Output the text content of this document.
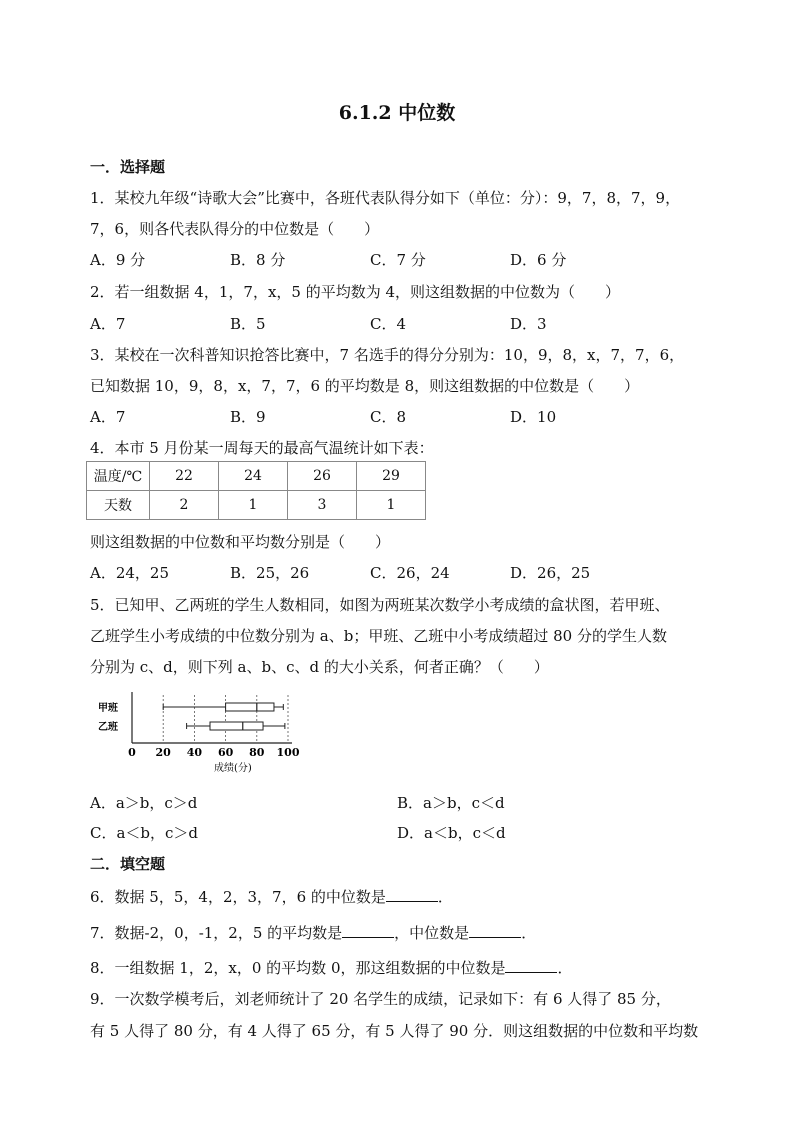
6.1.2 中位数
一．选择题
1．某校九年级“诗歌大会”比赛中，各班代表队得分如下（单位：分）：9，7，8，7，9，
7，6，则各代表队得分的中位数是（　　）
A．9 分	B．8 分	C．7 分	D．6 分
2．若一组数据 4，1，7，x，5 的平均数为 4，则这组数据的中位数为（　　）
A．7	B．5	C．4	D．3
3．某校在一次科普知识抢答比赛中，7 名选手的得分分别为：10，9，8，x，7，7，6，
已知数据 10，9，8，x，7，7，6 的平均数是 8，则这组数据的中位数是（　　）
A．7	B．9	C．8	D．10
4．本市 5 月份某一周每天的最高气温统计如下表：
温度/℃	22	24	26	29
天数	2	1	3	1
则这组数据的中位数和平均数分别是（　　）
A．24，25	B．25，26	C．26，24	D．26，25
5．已知甲、乙两班的学生人数相同，如图为两班某次数学小考成绩的盒状图，若甲班、
乙班学生小考成绩的中位数分别为 a、b；甲班、乙班中小考成绩超过 80 分的学生人数
分别为 c、d，则下列 a、b、c、d 的大小关系，何者正确？（　　）
甲班
乙班
0 20 40 60 80 100
成绩(分)
A．a＞b，c＞d	B．a＞b，c＜d
C．a＜b，c＞d	D．a＜b，c＜d
二．填空题
6．数据 5，5，4，2，3，7，6 的中位数是	．
7．数据-2，0，-1，2，5 的平均数是	，中位数是	．
8．一组数据 1，2，x，0 的平均数 0，那这组数据的中位数是	．
9．一次数学模考后，刘老师统计了 20 名学生的成绩，记录如下：有 6 人得了 85 分，
有 5 人得了 80 分，有 4 人得了 65 分，有 5 人得了 90 分．则这组数据的中位数和平均数
